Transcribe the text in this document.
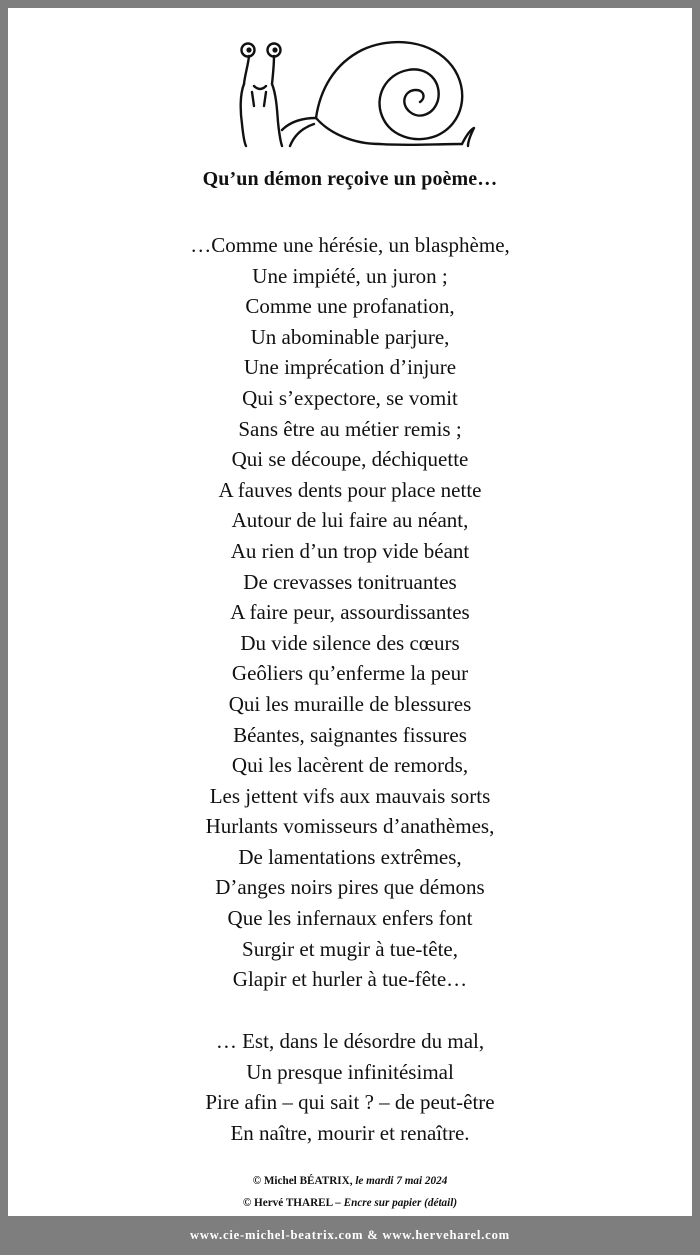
Qu’un démon reçoive un poème…
…Comme une hérésie, un blasphème,
Une impiété, un juron ;
Comme une profanation,
Un abominable parjure,
Une imprécation d’injure
Qui s’expectore, se vomit
Sans être au métier remis ;
Qui se découpe, déchiquette
A fauves dents pour place nette
Autour de lui faire au néant,
Au rien d’un trop vide béant
De crevasses tonitruantes
A faire peur, assourdissantes
Du vide silence des cœurs
Geôliers qu’enferme la peur
Qui les muraille de blessures
Béantes, saignantes fissures
Qui les lacèrent de remords,
Les jettent vifs aux mauvais sorts
Hurlants vomisseurs d’anathèmes,
De lamentations extrêmes,
D’anges noirs pires que démons
Que les infernaux enfers font
Surgir et mugir à tue-tête,
Glapir et hurler à tue-fête…
… Est, dans le désordre du mal,
Un presque infinitésimal
Pire afin – qui sait ? – de peut-être
En naître, mourir et renaître.
© Michel BÉATRIX, le mardi 7 mai 2024
© Hervé THAREL – Encre sur papier (détail)
www.cie-michel-beatrix.com & www.herveharel.com
